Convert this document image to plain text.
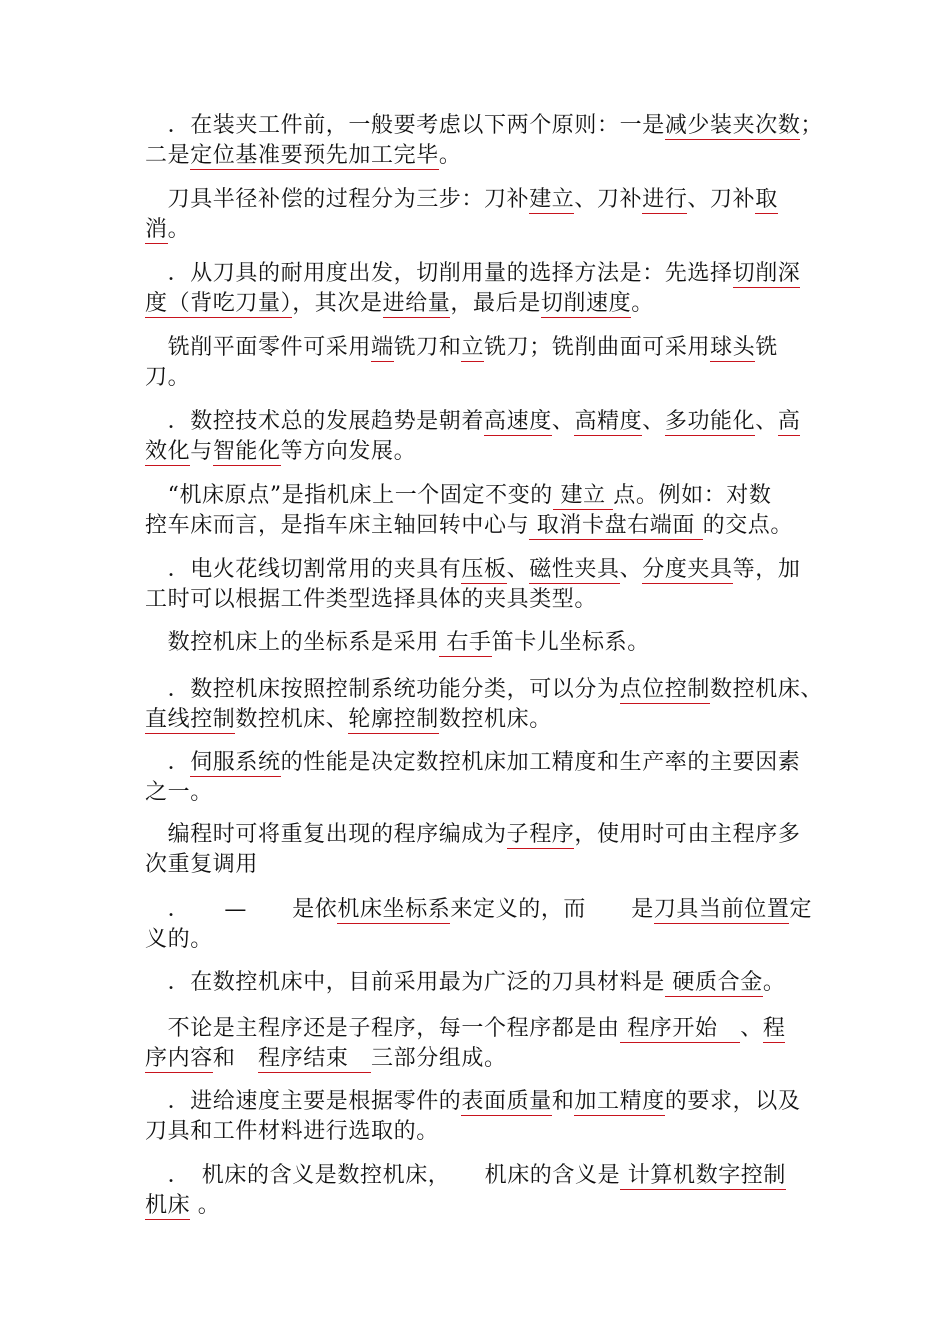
　．在装夹工件前，一般要考虑以下两个原则：一是减少装夹次数；
二是定位基准要预先加工完毕。
　刀具半径补偿的过程分为三步：刀补建立、刀补进行、刀补取
消。
　．从刀具的耐用度出发，切削用量的选择方法是：先选择切削深
度（背吃刀量），其次是进给量，最后是切削速度。
　铣削平面零件可采用端铣刀和立铣刀；铣削曲面可采用球头铣
刀。
　．数控技术总的发展趋势是朝着高速度、高精度、多功能化、高
效化与智能化等方向发展。
　“机床原点”是指机床上一个固定不变的 建立 点。例如：对数
控车床而言，是指车床主轴回转中心与 取消卡盘右端面 的交点。
　．电火花线切割常用的夹具有压板、磁性夹具、分度夹具等，加
工时可以根据工件类型选择具体的夹具类型。
　数控机床上的坐标系是采用 右手笛卡儿坐标系。
　．数控机床按照控制系统功能分类，可以分为点位控制数控机床、
直线控制数控机床、轮廓控制数控机床。
　．伺服系统的性能是决定数控机床加工精度和生产率的主要因素
之一。
　编程时可将重复出现的程序编成为子程序，使用时可由主程序多
次重复调用
　．　　—　　是依机床坐标系来定义的，而　　是刀具当前位置定
义的。
　．在数控机床中，目前采用最为广泛的刀具材料是 硬质合金。
　不论是主程序还是子程序，每一个程序都是由 程序开始　、程
序内容和　程序结束　三部分组成。
　．进给速度主要是根据零件的表面质量和加工精度的要求，以及
刀具和工件材料进行选取的。
　．　机床的含义是数控机床，　　机床的含义是 计算机数字控制
机床 。
